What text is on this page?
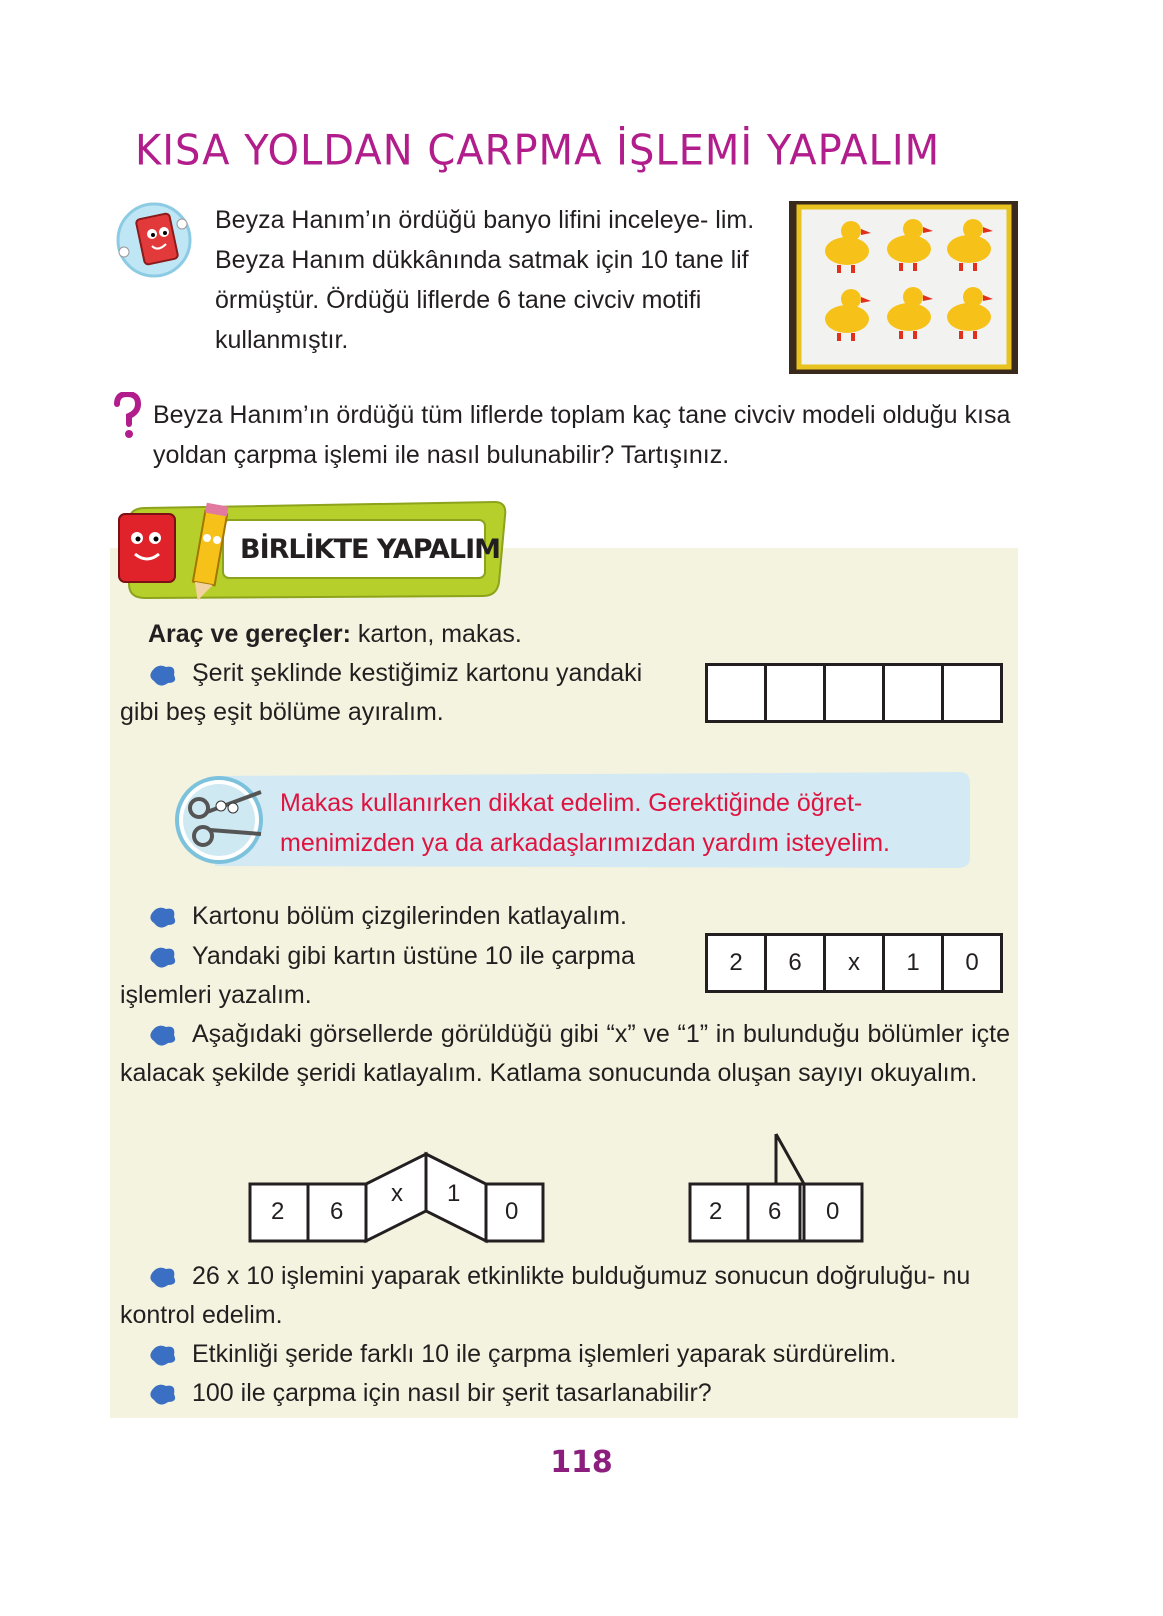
KISA YOLDAN ÇARPMA İŞLEMİ YAPALIM
Beyza Hanım’ın ördüğü banyo lifini inceleye- lim. Beyza Hanım dükkânında satmak için 10 tane lif örmüştür. Ördüğü liflerde 6 tane civciv motifi kullanmıştır.
Beyza Hanım’ın ördüğü tüm liflerde toplam kaç tane civciv modeli olduğu kısa yoldan çarpma işlemi ile nasıl bulunabilir? Tartışınız.
BİRLİKTE YAPALIM
Araç ve gereçler: karton, makas.
Şerit şeklinde kestiğimiz kartonu yandaki gibi beş eşit bölüme ayıralım.
Makas kullanırken dikkat edelim. Gerektiğinde öğret- menimizden ya da arkadaşlarımızdan yardım isteyelim.
Kartonu bölüm çizgilerinden katlayalım.
Yandaki gibi kartın üstüne 10 ile çarpma işlemleri yazalım.
2	6	x	1	0
Aşağıdaki görsellerde görüldüğü gibi “x” ve “1” in bulunduğu bölümler içte kalacak şekilde şeridi katlayalım. Katlama sonucunda oluşan sayıyı okuyalım.
2 6
x 1
0	2 6 0
26 x 10 işlemini yaparak etkinlikte bulduğumuz sonucun doğruluğu- nu kontrol edelim.
Etkinliği şeride farklı 10 ile çarpma işlemleri yaparak sürdürelim.
100 ile çarpma için nasıl bir şerit tasarlanabilir?
118
